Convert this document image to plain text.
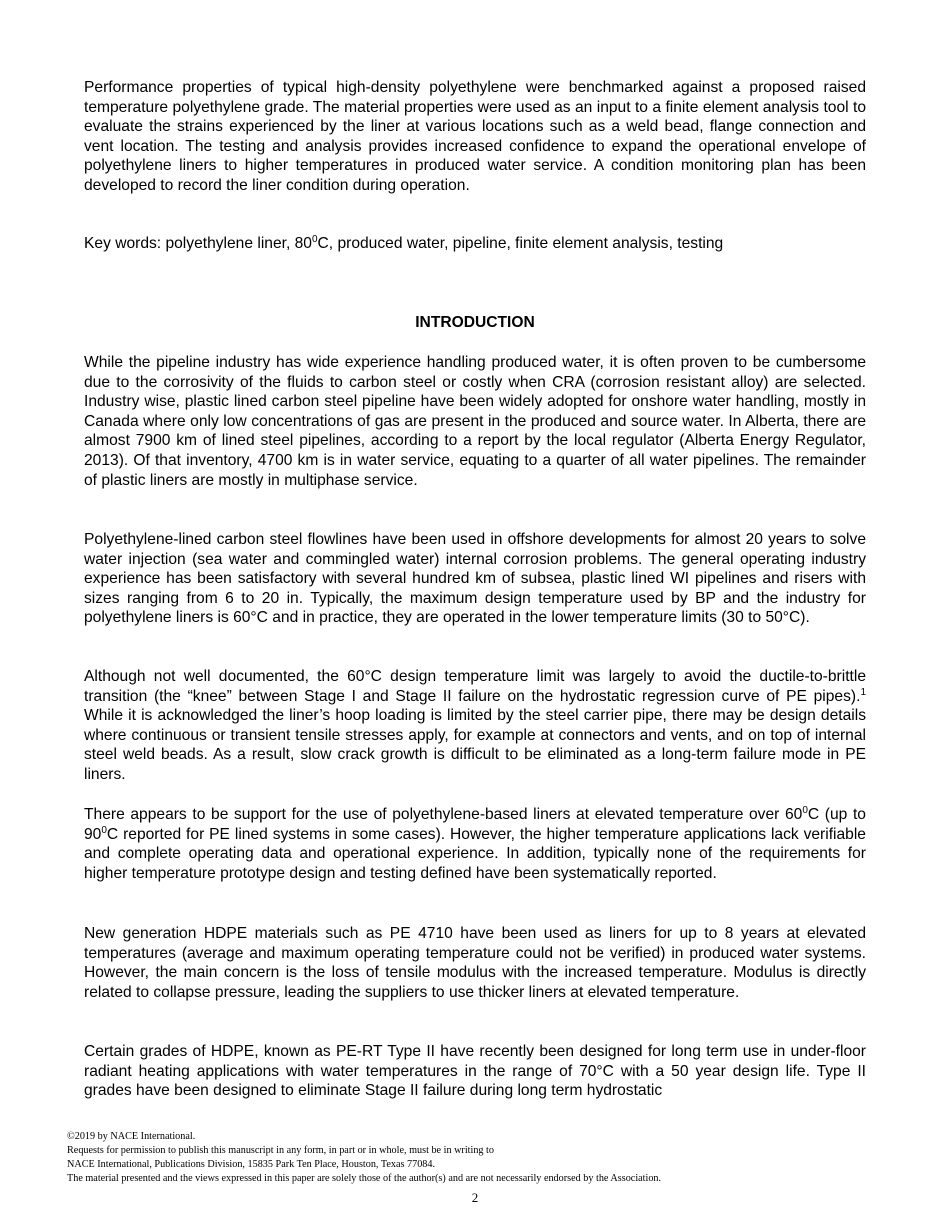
Performance properties of typical high-density polyethylene were benchmarked against a proposed raised temperature polyethylene grade. The material properties were used as an input to a finite element analysis tool to evaluate the strains experienced by the liner at various locations such as a weld bead, flange connection and vent location. The testing and analysis provides increased confidence to expand the operational envelope of polyethylene liners to higher temperatures in produced water service. A condition monitoring plan has been developed to record the liner condition during operation.

Key words: polyethylene liner, $80^0C$, produced water, pipeline, finite element analysis, testing
INTRODUCTION

While the pipeline industry has wide experience handling produced water, it is often proven to be cumbersome due to the corrosivity of the fluids to carbon steel or costly when CRA (corrosion resistant alloy) are selected. Industry wise, plastic lined carbon steel pipeline have been widely adopted for onshore water handling, mostly in Canada where only low concentrations of gas are present in the produced and source water. In Alberta, there are almost 7900 km of lined steel pipelines, according to a report by the local regulator (Alberta Energy Regulator, 2013). Of that inventory, 4700 km is in water service, equating to a quarter of all water pipelines. The remainder of plastic liners are mostly in multiphase service.

Polyethylene-lined carbon steel flowlines have been used in offshore developments for almost 20 years to solve water injection (sea water and commingled water) internal corrosion problems. The general operating industry experience has been satisfactory with several hundred km of subsea, plastic lined WI pipelines and risers with sizes ranging from 6 to 20 in. Typically, the maximum design temperature used by BP and the industry for polyethylene liners is 60°C and in practice, they are operated in the lower temperature limits (30 to 50°C).

Although not well documented, the 60°C design temperature limit was largely to avoid the ductile-to-brittle transition (the “knee” between Stage I and Stage II failure on the hydrostatic regression curve of PE pipes).$^1$ While it is acknowledged the liner’s hoop loading is limited by the steel carrier pipe, there may be design details where continuous or transient tensile stresses apply, for example at connectors and vents, and on top of internal steel weld beads. As a result, slow crack growth is difficult to be eliminated as a long-term failure mode in PE liners.

There appears to be support for the use of polyethylene-based liners at elevated temperature over $60^0C$ (up to $90^0C$ reported for PE lined systems in some cases). However, the higher temperature applications lack verifiable and complete operating data and operational experience. In addition, typically none of the requirements for higher temperature prototype design and testing defined have been systematically reported.

New generation HDPE materials such as PE 4710 have been used as liners for up to 8 years at elevated temperatures (average and maximum operating temperature could not be verified) in produced water systems. However, the main concern is the loss of tensile modulus with the increased temperature. Modulus is directly related to collapse pressure, leading the suppliers to use thicker liners at elevated temperature.

Certain grades of HDPE, known as PE-RT Type II have recently been designed for long term use in under-floor radiant heating applications with water temperatures in the range of 70°C with a 50 year design life. Type II grades have been designed to eliminate Stage II failure during long term hydrostatic

©2019 by NACE International.
Requests for permission to publish this manuscript in any form, in part or in whole, must be in writing to
NACE International, Publications Division, 15835 Park Ten Place, Houston, Texas 77084.
The material presented and the views expressed in this paper are solely those of the author(s) and are not necessarily endorsed by the Association.
2
